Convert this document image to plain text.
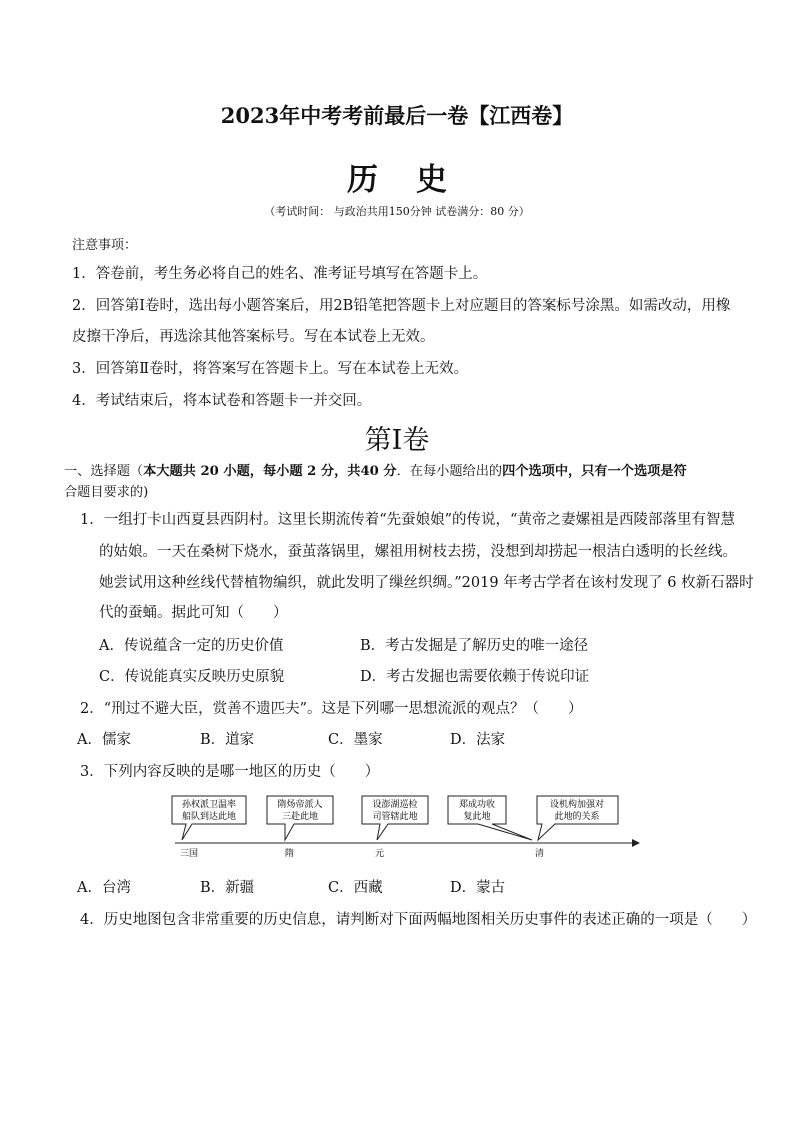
2023年中考考前最后一卷【江西卷】
历史
（考试时间： 与政治共用150分钟 试卷满分：80 分）
注意事项：
1．答卷前，考生务必将自己的姓名、准考证号填写在答题卡上。
2．回答第Ⅰ卷时，选出每小题答案后，用2B铅笔把答题卡上对应题目的答案标号涂黑。如需改动，用橡
皮擦干净后，再选涂其他答案标号。写在本试卷上无效。
3．回答第Ⅱ卷时，将答案写在答题卡上。写在本试卷上无效。
4．考试结束后，将本试卷和答题卡一并交回。
第Ⅰ卷
一、选择题（本大题共 20 小题，每小题 2 分，共40 分．在每小题给出的四个选项中，只有一个选项是符
合题目要求的)
1．一组打卡山西夏县西阴村。这里长期流传着“先蚕娘娘”的传说，“黄帝之妻嫘祖是西陵部落里有智慧
的姑娘。一天在桑树下烧水，蚕茧落锅里，嫘祖用树枝去捞，没想到却捞起一根洁白透明的长丝线。
她尝试用这种丝线代替植物编织，就此发明了缫丝织绸。”2019 年考古学者在该村发现了 6 枚新石器时
代的蚕蛹。据此可知（　　）
A．传说蕴含一定的历史价值	B．考古发掘是了解历史的唯一途径
C．传说能真实反映历史原貌	D．考古发掘也需要依赖于传说印证
2．“刑过不避大臣，赏善不遗匹夫”。这是下列哪一思想流派的观点？（　　）
A．儒家	B．道家	C．墨家	D．法家
3．下列内容反映的是哪一地区的历史（　　）
孙权派卫温率
船队到达此地
隋炀帝派人
三赴此地
设澎湖巡检
司管辖此地
郑成功收
复此地
设机构加强对
此地的关系
三国	隋	元	清
A．台湾	B．新疆	C．西藏	D．蒙古
4．历史地图包含非常重要的历史信息，请判断对下面两幅地图相关历史事件的表述正确的一项是（　　）
